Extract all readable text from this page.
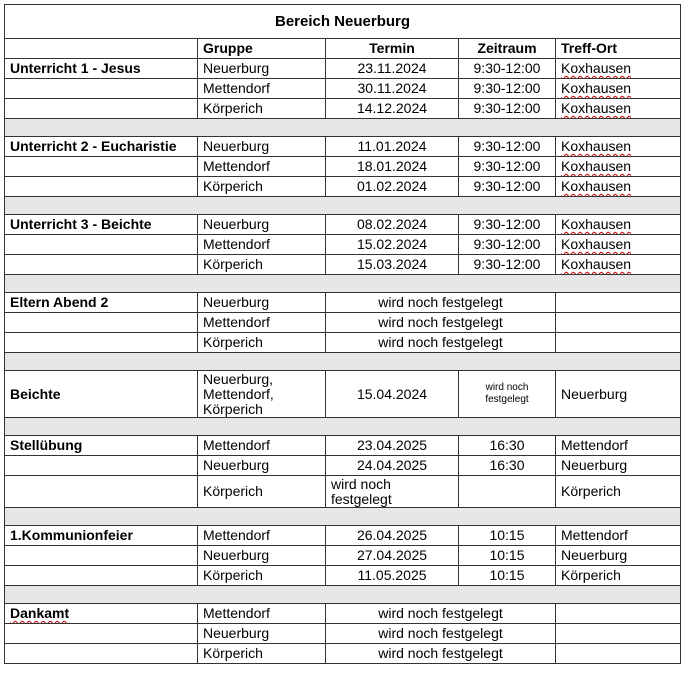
Bereich Neuerburg				
	Gruppe	Termin	Zeitraum	Treff-Ort
Unterricht 1 - Jesus	Neuerburg	23.11.2024	9:30-12:00	Koxhausen
	Mettendorf	30.11.2024	9:30-12:00	Koxhausen
	Körperich	14.12.2024	9:30-12:00	Koxhausen

Unterricht 2 - Eucharistie	Neuerburg	11.01.2024	9:30-12:00	Koxhausen
	Mettendorf	18.01.2024	9:30-12:00	Koxhausen
	Körperich	01.02.2024	9:30-12:00	Koxhausen

Unterricht 3 - Beichte	Neuerburg	08.02.2024	9:30-12:00	Koxhausen
	Mettendorf	15.02.2024	9:30-12:00	Koxhausen
	Körperich	15.03.2024	9:30-12:00	Koxhausen

Eltern Abend 2	Neuerburg	wird noch festgelegt		
	Mettendorf	wird noch festgelegt		
	Körperich	wird noch festgelegt		

Beichte	Neuerburg, Mettendorf, Körperich	15.04.2024	wird noch festgelegt	Neuerburg

Stellübung	Mettendorf	23.04.2025	16:30	Mettendorf
	Neuerburg	24.04.2025	16:30	Neuerburg
	Körperich	wird noch festgelegt		Körperich

1.Kommunionfeier	Mettendorf	26.04.2025	10:15	Mettendorf
	Neuerburg	27.04.2025	10:15	Neuerburg
	Körperich	11.05.2025	10:15	Körperich

Dankamt	Mettendorf	wird noch festgelegt		
	Neuerburg	wird noch festgelegt		
	Körperich	wird noch festgelegt		
